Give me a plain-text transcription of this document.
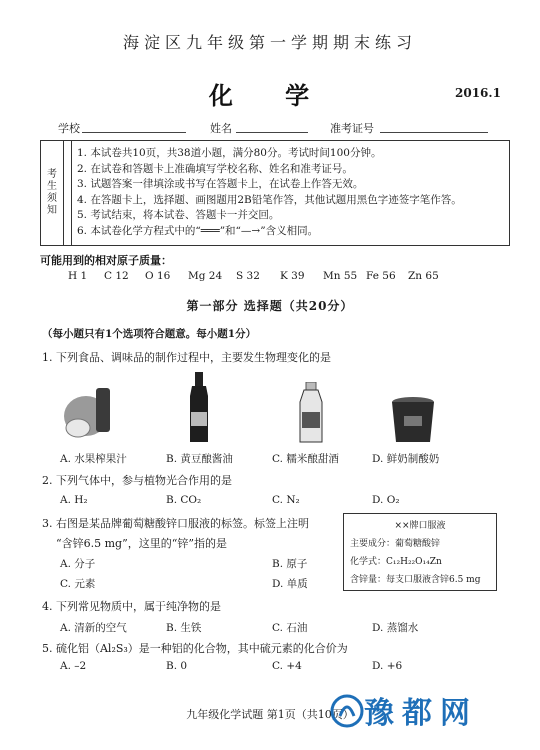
海淀区九年级第一学期期末练习
化 学	2016.1
学校	姓名	准考证号
考生须知
1. 本试卷共10页，共38道小题，满分80分。考试时间100分钟。
2. 在试卷和答题卡上准确填写学校名称、姓名和准考证号。
3. 试题答案一律填涂或书写在答题卡上，在试卷上作答无效。
4. 在答题卡上，选择题、画图题用2B铅笔作答，其他试题用黑色字迹签字笔作答。
5. 考试结束，将本试卷、答题卡一并交回。
6. 本试卷化学方程式中的“═══”和“—→”含义相同。
可能用到的相对原子质量：
H 1 C 12 O 16 Mg 24 S 32 K 39 Mn 55 Fe 56 Zn 65
第一部分 选择题（共20分）
（每小题只有1个选项符合题意。每小题1分）
1. 下列食品、调味品的制作过程中，主要发生物理变化的是
A. 水果榨果汁	B. 黄豆酿酱油	C. 糯米酿甜酒	D. 鲜奶制酸奶
2. 下列气体中，参与植物光合作用的是
A. H₂	B. CO₂	C. N₂	D. O₂
3. 右图是某品牌葡萄糖酸锌口服液的标签。标签上注明
“含锌6.5 mg”，这里的“锌”指的是
A. 分子	B. 原子
C. 元素	D. 单质
××牌口服液
主要成分：葡萄糖酸锌
化学式：C₁₂H₂₂O₁₄Zn
含锌量：每支口服液含锌6.5 mg
4. 下列常见物质中，属于纯净物的是
A. 清新的空气	B. 生铁	C. 石油	D. 蒸馏水
5. 硫化铝（Al₂S₃）是一种铝的化合物，其中硫元素的化合价为
A. –2	B. 0	C. +4	D. +6
九年级化学试题 第1页（共10页） 豫都网
